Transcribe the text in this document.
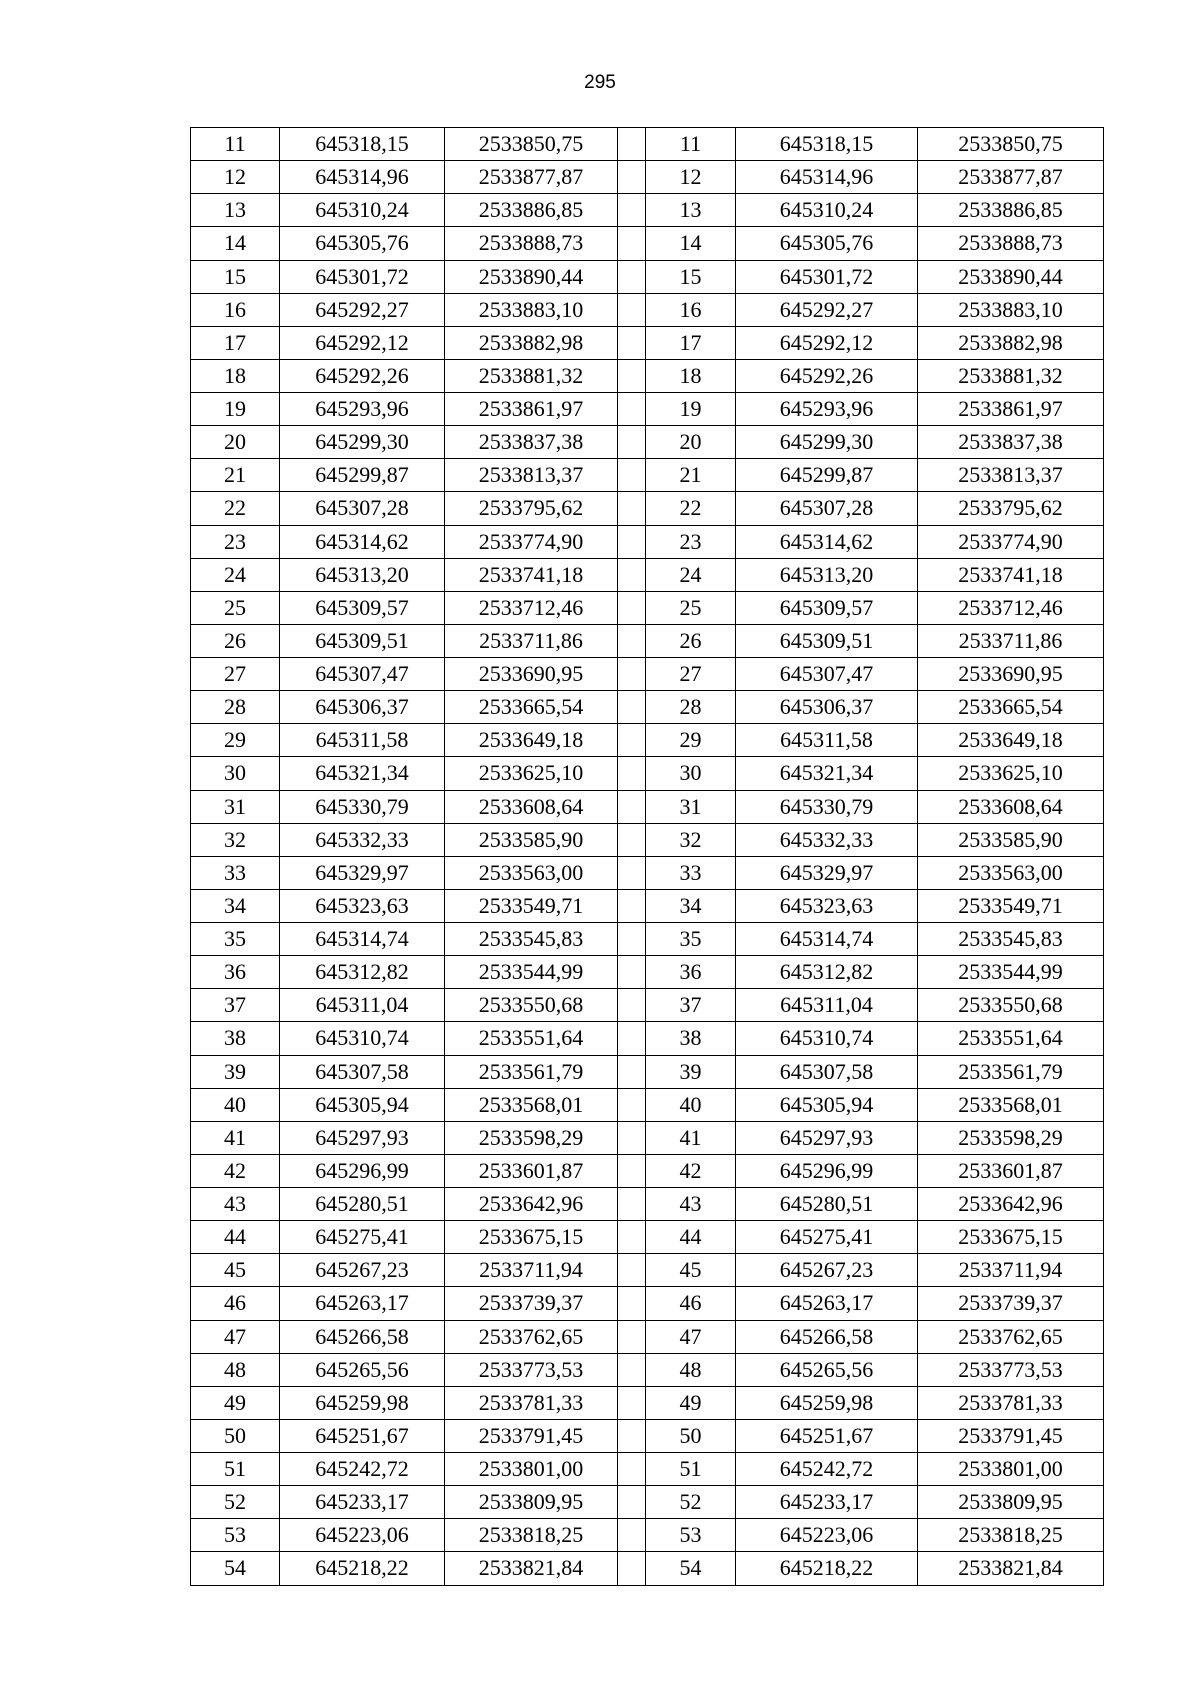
295
11	645318,15	2533850,75		11	645318,15	2533850,75
12	645314,96	2533877,87		12	645314,96	2533877,87
13	645310,24	2533886,85		13	645310,24	2533886,85
14	645305,76	2533888,73		14	645305,76	2533888,73
15	645301,72	2533890,44		15	645301,72	2533890,44
16	645292,27	2533883,10		16	645292,27	2533883,10
17	645292,12	2533882,98		17	645292,12	2533882,98
18	645292,26	2533881,32		18	645292,26	2533881,32
19	645293,96	2533861,97		19	645293,96	2533861,97
20	645299,30	2533837,38		20	645299,30	2533837,38
21	645299,87	2533813,37		21	645299,87	2533813,37
22	645307,28	2533795,62		22	645307,28	2533795,62
23	645314,62	2533774,90		23	645314,62	2533774,90
24	645313,20	2533741,18		24	645313,20	2533741,18
25	645309,57	2533712,46		25	645309,57	2533712,46
26	645309,51	2533711,86		26	645309,51	2533711,86
27	645307,47	2533690,95		27	645307,47	2533690,95
28	645306,37	2533665,54		28	645306,37	2533665,54
29	645311,58	2533649,18		29	645311,58	2533649,18
30	645321,34	2533625,10		30	645321,34	2533625,10
31	645330,79	2533608,64		31	645330,79	2533608,64
32	645332,33	2533585,90		32	645332,33	2533585,90
33	645329,97	2533563,00		33	645329,97	2533563,00
34	645323,63	2533549,71		34	645323,63	2533549,71
35	645314,74	2533545,83		35	645314,74	2533545,83
36	645312,82	2533544,99		36	645312,82	2533544,99
37	645311,04	2533550,68		37	645311,04	2533550,68
38	645310,74	2533551,64		38	645310,74	2533551,64
39	645307,58	2533561,79		39	645307,58	2533561,79
40	645305,94	2533568,01		40	645305,94	2533568,01
41	645297,93	2533598,29		41	645297,93	2533598,29
42	645296,99	2533601,87		42	645296,99	2533601,87
43	645280,51	2533642,96		43	645280,51	2533642,96
44	645275,41	2533675,15		44	645275,41	2533675,15
45	645267,23	2533711,94		45	645267,23	2533711,94
46	645263,17	2533739,37		46	645263,17	2533739,37
47	645266,58	2533762,65		47	645266,58	2533762,65
48	645265,56	2533773,53		48	645265,56	2533773,53
49	645259,98	2533781,33		49	645259,98	2533781,33
50	645251,67	2533791,45		50	645251,67	2533791,45
51	645242,72	2533801,00		51	645242,72	2533801,00
52	645233,17	2533809,95		52	645233,17	2533809,95
53	645223,06	2533818,25		53	645223,06	2533818,25
54	645218,22	2533821,84		54	645218,22	2533821,84
